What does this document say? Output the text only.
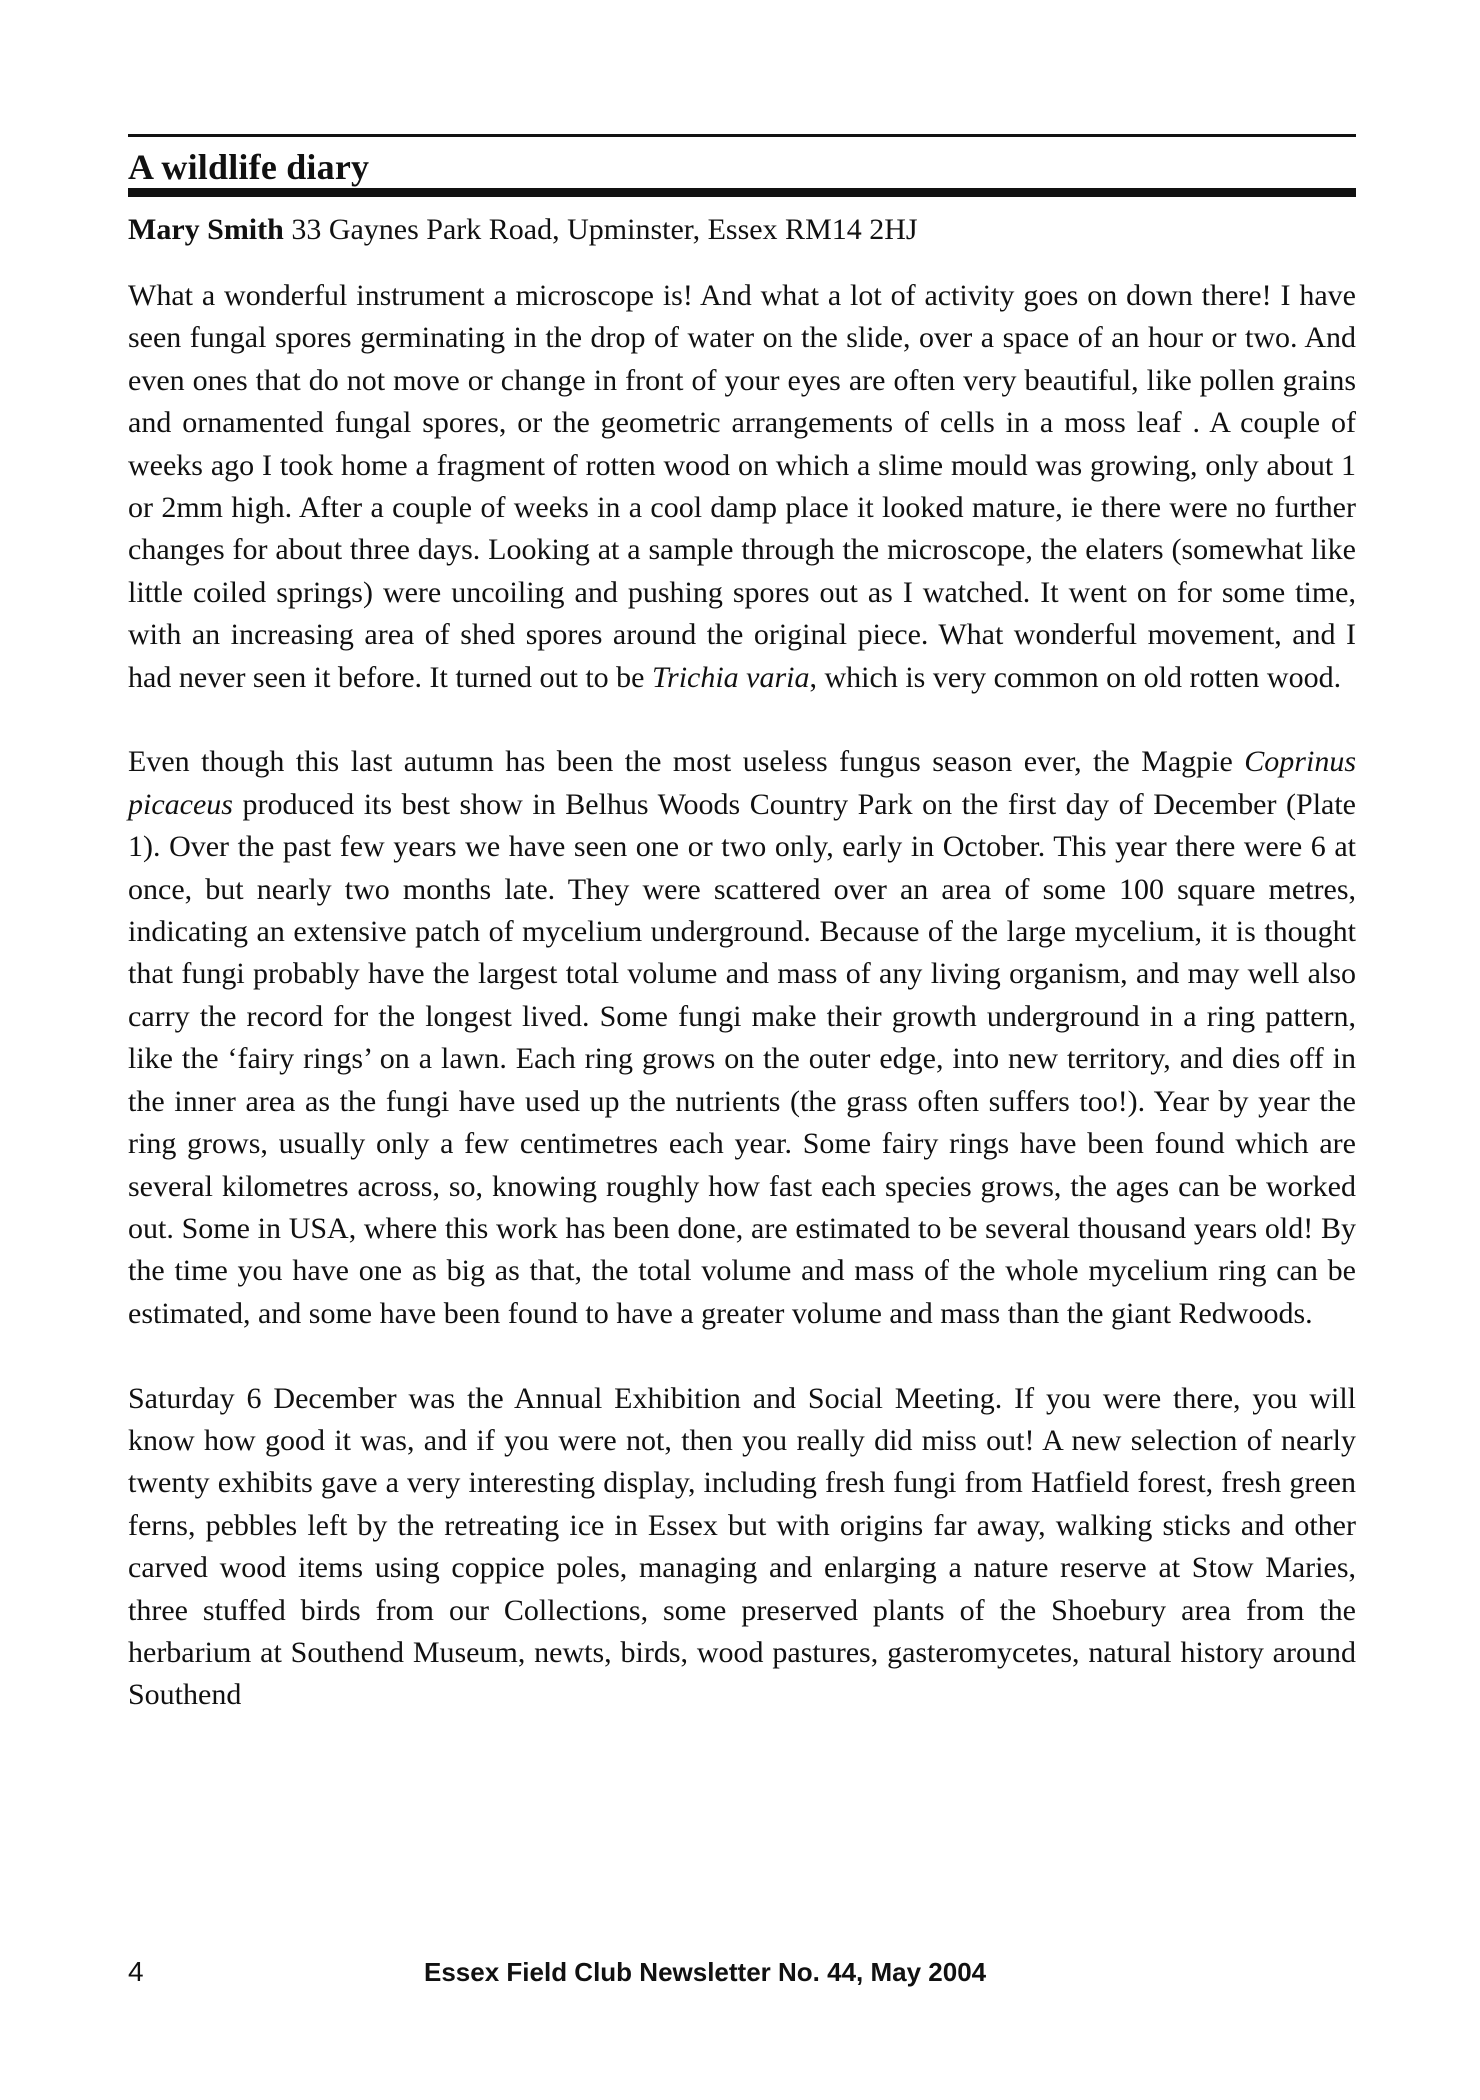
A wildlife diary

Mary Smith 33 Gaynes Park Road, Upminster, Essex RM14 2HJ

What a wonderful instrument a microscope is! And what a lot of activity goes on down there! I have seen fungal spores germinating in the drop of water on the slide, over a space of an hour or two. And even ones that do not move or change in front of your eyes are often very beautiful, like pollen grains and ornamented fungal spores, or the geometric arrangements of cells in a moss leaf . A couple of weeks ago I took home a fragment of rotten wood on which a slime mould was growing, only about 1 or 2mm high. After a couple of weeks in a cool damp place it looked mature, ie there were no further changes for about three days. Looking at a sample through the microscope, the elaters (somewhat like little coiled springs) were uncoiling and pushing spores out as I watched. It went on for some time, with an increasing area of shed spores around the original piece. What wonderful movement, and I had never seen it before. It turned out to be Trichia varia, which is very common on old rotten wood.

Even though this last autumn has been the most useless fungus season ever, the Magpie Coprinus picaceus produced its best show in Belhus Woods Country Park on the first day of December (Plate 1). Over the past few years we have seen one or two only, early in October. This year there were 6 at once, but nearly two months late. They were scattered over an area of some 100 square metres, indicating an extensive patch of mycelium underground. Because of the large mycelium, it is thought that fungi probably have the largest total volume and mass of any living organism, and may well also carry the record for the longest lived. Some fungi make their growth underground in a ring pattern, like the ‘fairy rings’ on a lawn. Each ring grows on the outer edge, into new territory, and dies off in the inner area as the fungi have used up the nutrients (the grass often suffers too!). Year by year the ring grows, usually only a few centimetres each year. Some fairy rings have been found which are several kilometres across, so, knowing roughly how fast each species grows, the ages can be worked out. Some in USA, where this work has been done, are estimated to be several thousand years old! By the time you have one as big as that, the total volume and mass of the whole mycelium ring can be estimated, and some have been found to have a greater volume and mass than the giant Redwoods.

Saturday 6 December was the Annual Exhibition and Social Meeting. If you were there, you will know how good it was, and if you were not, then you really did miss out! A new selection of nearly twenty exhibits gave a very interesting display, including fresh fungi from Hatfield forest, fresh green ferns, pebbles left by the retreating ice in Essex but with origins far away, walking sticks and other carved wood items using coppice poles, managing and enlarging a nature reserve at Stow Maries, three stuffed birds from our Collections, some preserved plants of the Shoebury area from the herbarium at Southend Museum, newts, birds, wood pastures, gasteromycetes, natural history around Southend

4	Essex Field Club Newsletter No. 44, May 2004
